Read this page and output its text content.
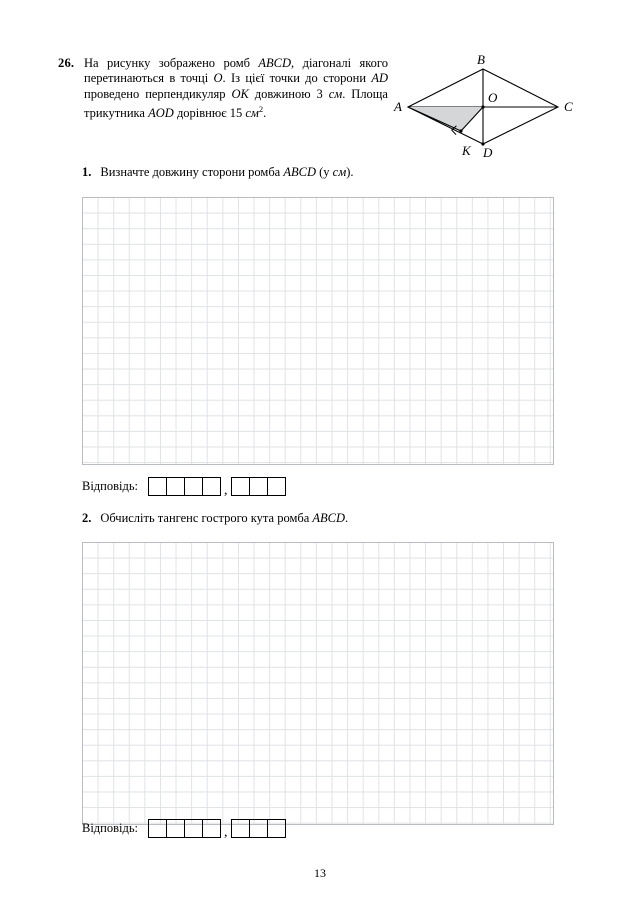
26. На рисунку зображено ромб ABCD, діагоналі якого перетинаються в точці O. Із цієї точки до сторони AD проведено перпендикуляр OK довжиною 3 см. Площа трикутника AOD дорівнює 15 $см^2$.	A
B
C
D
O
K
1. Визначте довжину сторони ромба ABCD (у см).
Відповідь:	,
2. Обчисліть тангенс гострого кута ромба ABCD.
Відповідь:	,
13
